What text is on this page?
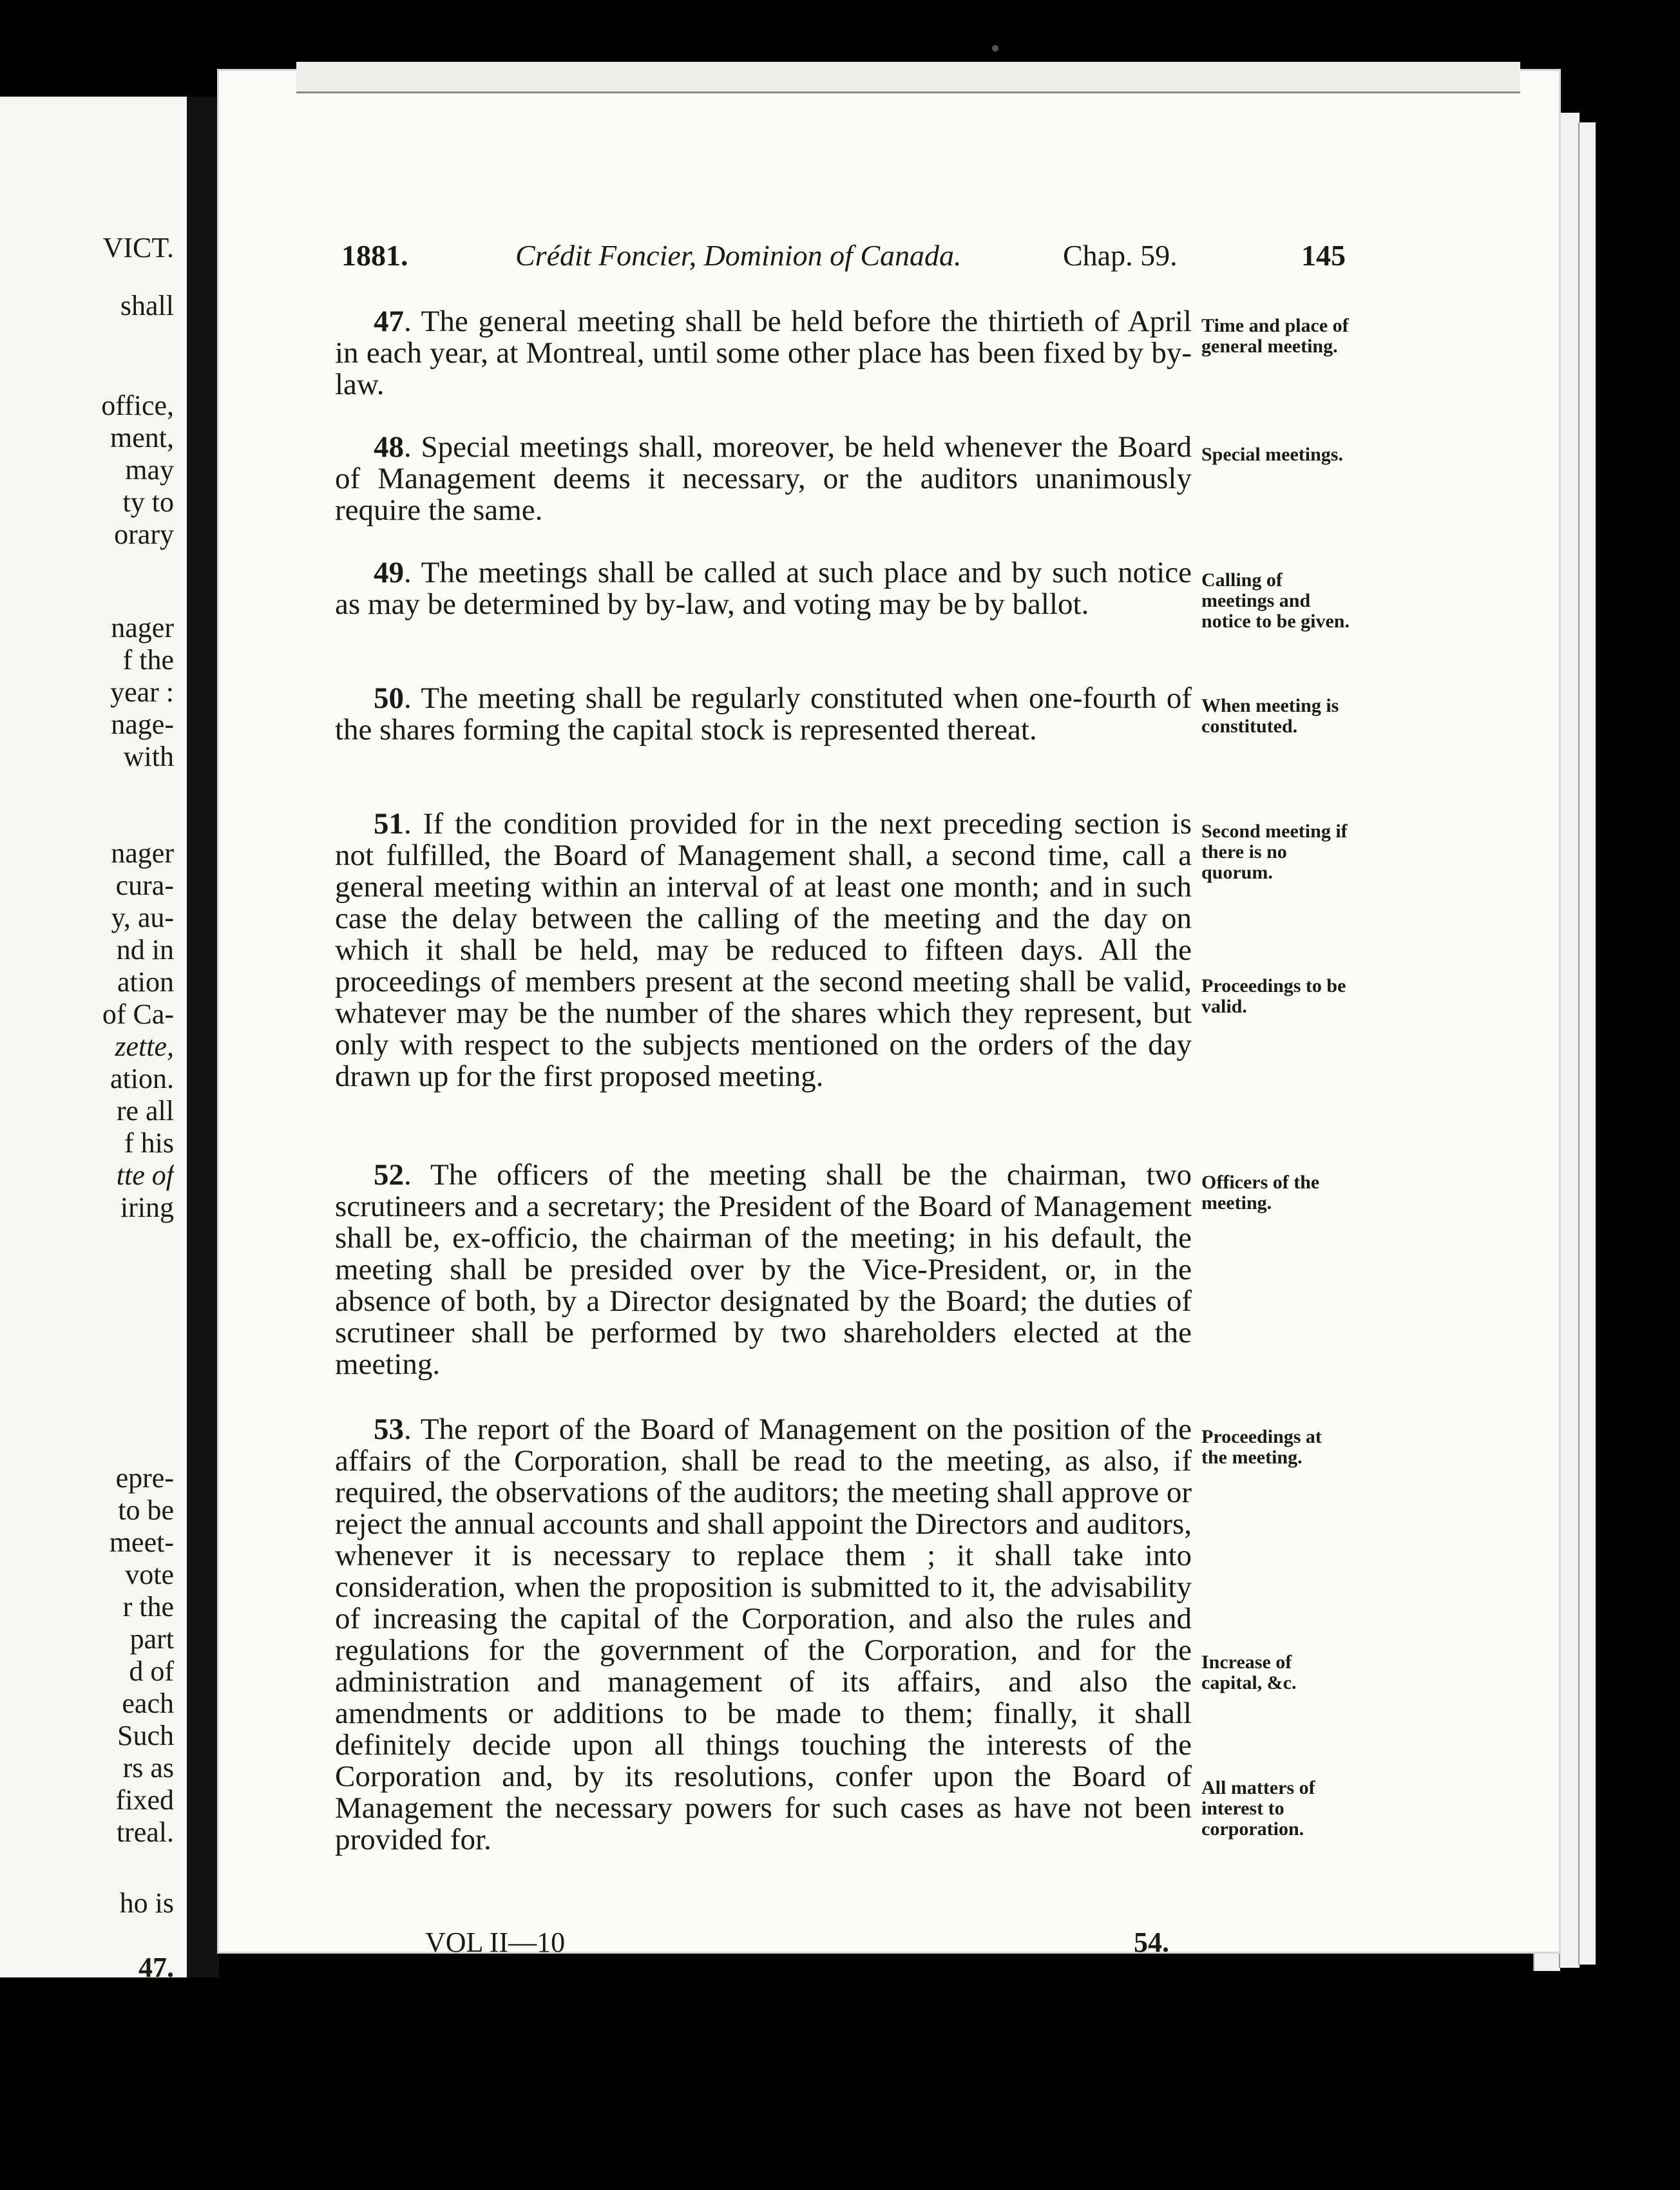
VICT.
shall
office,
ment,
may
ty to
orary
nager
f the
year :
nage-
with
nager
cura-
y, au-
nd in
ation
of Ca-
zette,
ation.
re all
f his
tte of
iring
epre-
to be
meet-
vote
r the
part
d of
each
Such
rs as
fixed
treal.
ho is
47.
1881.	Crédit Foncier, Dominion of Canada.	Chap. 59.	145

47. The general meeting shall be held before the thirtieth of April in each year, at Montreal, until some other place has been fixed by by-law.

Time and place of general meeting.

48. Special meetings shall, moreover, be held whenever the Board of Management deems it necessary, or the auditors unanimously require the same.

Special meetings.

49. The meetings shall be called at such place and by such notice as may be determined by by-law, and voting may be by ballot.

Calling of meetings and notice to be given.

50. The meeting shall be regularly constituted when one-fourth of the shares forming the capital stock is represented thereat.

When meeting is constituted.

51. If the condition provided for in the next preceding section is not fulfilled, the Board of Management shall, a second time, call a general meeting within an interval of at least one month; and in such case the delay between the calling of the meeting and the day on which it shall be held, may be reduced to fifteen days. All the proceedings of members present at the second meeting shall be valid, whatever may be the number of the shares which they represent, but only with respect to the subjects mentioned on the orders of the day drawn up for the first proposed meeting.

Second meeting if there is no quorum.
Proceedings to be valid.

52. The officers of the meeting shall be the chairman, two scrutineers and a secretary; the President of the Board of Management shall be, ex-officio, the chairman of the meeting; in his default, the meeting shall be presided over by the Vice-President, or, in the absence of both, by a Director designated by the Board; the duties of scrutineer shall be performed by two shareholders elected at the meeting.

Officers of the meeting.

53. The report of the Board of Management on the position of the affairs of the Corporation, shall be read to the meeting, as also, if required, the observations of the auditors; the meeting shall approve or reject the annual accounts and shall appoint the Directors and auditors, whenever it is necessary to replace them ; it shall take into consideration, when the proposition is submitted to it, the advisability of increasing the capital of the Corporation, and also the rules and regulations for the government of the Corporation, and for the administration and management of its affairs, and also the amendments or additions to be made to them; finally, it shall definitely decide upon all things touching the interests of the Corporation and, by its resolutions, confer upon the Board of Management the necessary powers for such cases as have not been provided for.

Proceedings at the meeting.
Increase of capital, &c.
All matters of interest to corporation.
VOL II—10	54.
